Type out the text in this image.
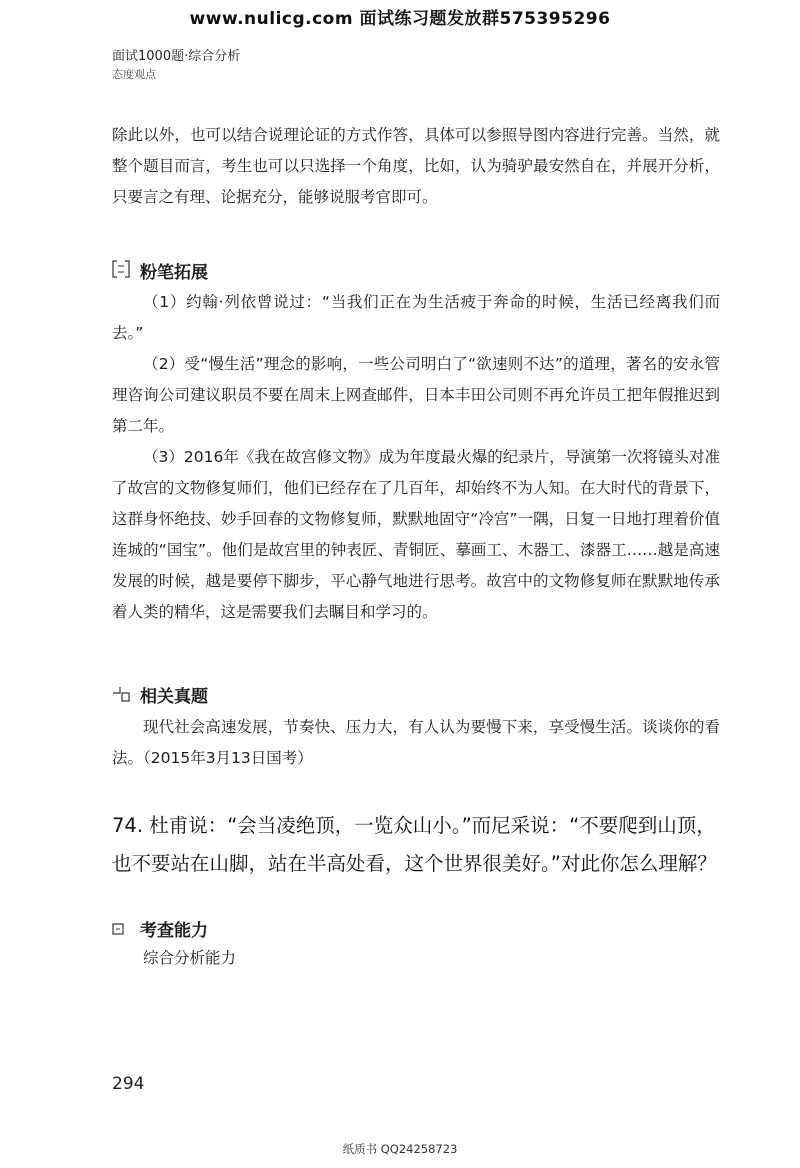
www.nulicg.com 面试练习题发放群575395296
面试1000题·综合分析
态度观点
除此以外，也可以结合说理论证的方式作答，具体可以参照导图内容进行完善。当然，就整个题目而言，考生也可以只选择一个角度，比如，认为骑驴最安然自在，并展开分析，只要言之有理、论据充分，能够说服考官即可。
粉笔拓展
（1）约翰·列依曾说过：“当我们正在为生活疲于奔命的时候，生活已经离我们而去。”
（2）受“慢生活”理念的影响，一些公司明白了“欲速则不达”的道理，著名的安永管理咨询公司建议职员不要在周末上网查邮件，日本丰田公司则不再允许员工把年假推迟到第二年。
（3）2016年《我在故宫修文物》成为年度最火爆的纪录片，导演第一次将镜头对准了故宫的文物修复师们，他们已经存在了几百年，却始终不为人知。在大时代的背景下，这群身怀绝技、妙手回春的文物修复师，默默地固守“冷宫”一隅，日复一日地打理着价值连城的“国宝”。他们是故宫里的钟表匠、青铜匠、摹画工、木器工、漆器工……越是高速发展的时候，越是要停下脚步，平心静气地进行思考。故宫中的文物修复师在默默地传承着人类的精华，这是需要我们去瞩目和学习的。
相关真题
现代社会高速发展，节奏快、压力大，有人认为要慢下来，享受慢生活。谈谈你的看法。（2015年3月13日国考）
74. 杜甫说：“会当凌绝顶，一览众山小。”而尼采说：“不要爬到山顶，也不要站在山脚，站在半高处看，这个世界很美好。”对此你怎么理解？
考查能力
综合分析能力
294
纸质书 QQ24258723
